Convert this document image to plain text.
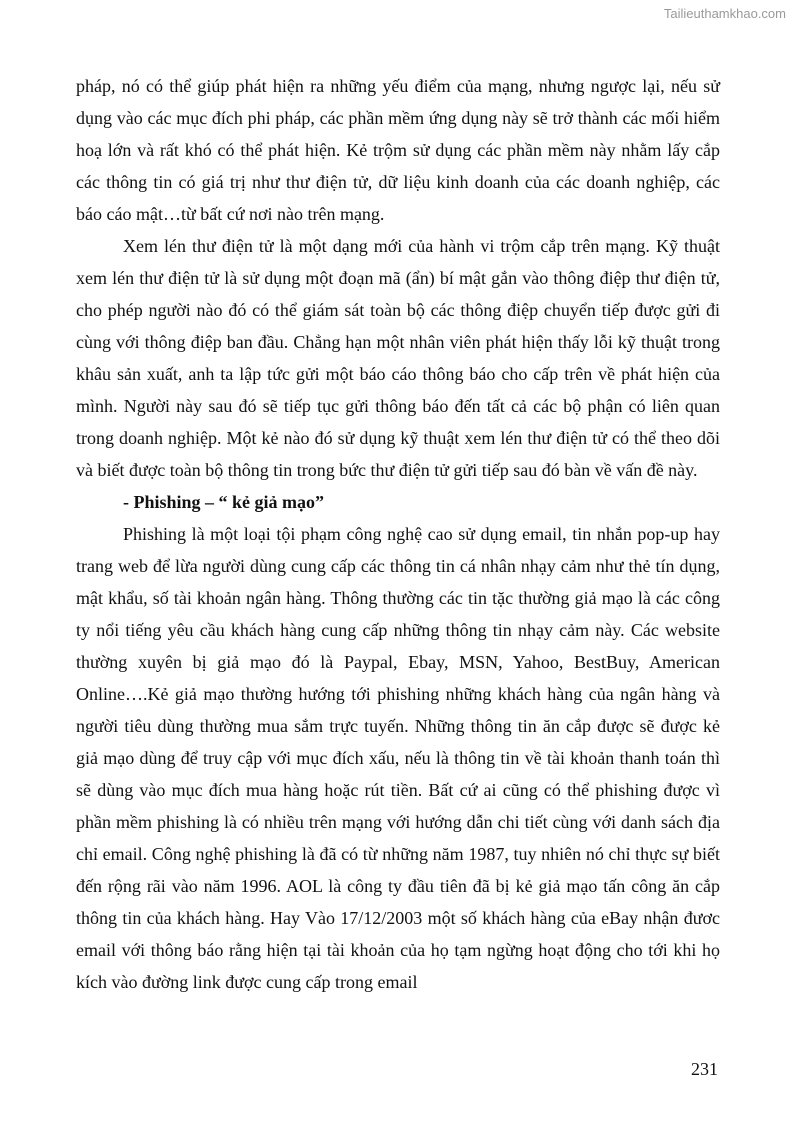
Tailieuthamkhao.com

pháp, nó có thể giúp phát hiện ra những yếu điểm của mạng, nhưng ngược lại, nếu sử dụng vào các mục đích phi pháp, các phần mềm ứng dụng này sẽ trở thành các mối hiểm hoạ lớn và rất khó có thể phát hiện. Kẻ trộm sử dụng các phần mềm này nhằm lấy cắp các thông tin có giá trị như thư điện tử, dữ liệu kinh doanh của các doanh nghiệp, các báo cáo mật…từ bất cứ nơi nào trên mạng.

Xem lén thư điện tử là một dạng mới của hành vi trộm cắp trên mạng. Kỹ thuật xem lén thư điện tử là sử dụng một đoạn mã (ẩn) bí mật gắn vào thông điệp thư điện tử, cho phép người nào đó có thể giám sát toàn bộ các thông điệp chuyển tiếp được gửi đi cùng với thông điệp ban đầu. Chẳng hạn một nhân viên phát hiện thấy lỗi kỹ thuật trong khâu sản xuất, anh ta lập tức gửi một báo cáo thông báo cho cấp trên về phát hiện của mình. Người này sau đó sẽ tiếp tục gửi thông báo đến tất cả các bộ phận có liên quan trong doanh nghiệp. Một kẻ nào đó sử dụng kỹ thuật xem lén thư điện tử có thể theo dõi và biết được toàn bộ thông tin trong bức thư điện tử gửi tiếp sau đó bàn về vấn đề này.

- Phishing – “ kẻ giả mạo”

Phishing là một loại tội phạm công nghệ cao sử dụng email, tin nhắn pop-up hay trang web để lừa người dùng cung cấp các thông tin cá nhân nhạy cảm như thẻ tín dụng, mật khẩu, số tài khoản ngân hàng. Thông thường các tin tặc thường giả mạo là các công ty nổi tiếng yêu cầu khách hàng cung cấp những thông tin nhạy cảm này. Các website thường xuyên bị giả mạo đó là Paypal, Ebay, MSN, Yahoo, BestBuy, American Online….Kẻ giả mạo thường hướng tới phishing những khách hàng của ngân hàng và người tiêu dùng thường mua sắm trực tuyến. Những thông tin ăn cắp được sẽ được kẻ giả mạo dùng để truy cập với mục đích xấu, nếu là thông tin về tài khoản thanh toán thì sẽ dùng vào mục đích mua hàng hoặc rút tiền. Bất cứ ai cũng có thể phishing được vì phần mềm phishing là có nhiều trên mạng với hướng dẫn chi tiết cùng với danh sách địa chỉ email. Công nghệ phishing là đã có từ những năm 1987, tuy nhiên nó chỉ thực sự biết đến rộng rãi vào năm 1996. AOL là công ty đầu tiên đã bị kẻ giả mạo tấn công ăn cắp thông tin của khách hàng. Hay Vào 17/12/2003 một số khách hàng của eBay nhận đươc email với thông báo rằng hiện tại tài khoản của họ tạm ngừng hoạt động cho tới khi họ kích vào đường link được cung cấp trong email

231
